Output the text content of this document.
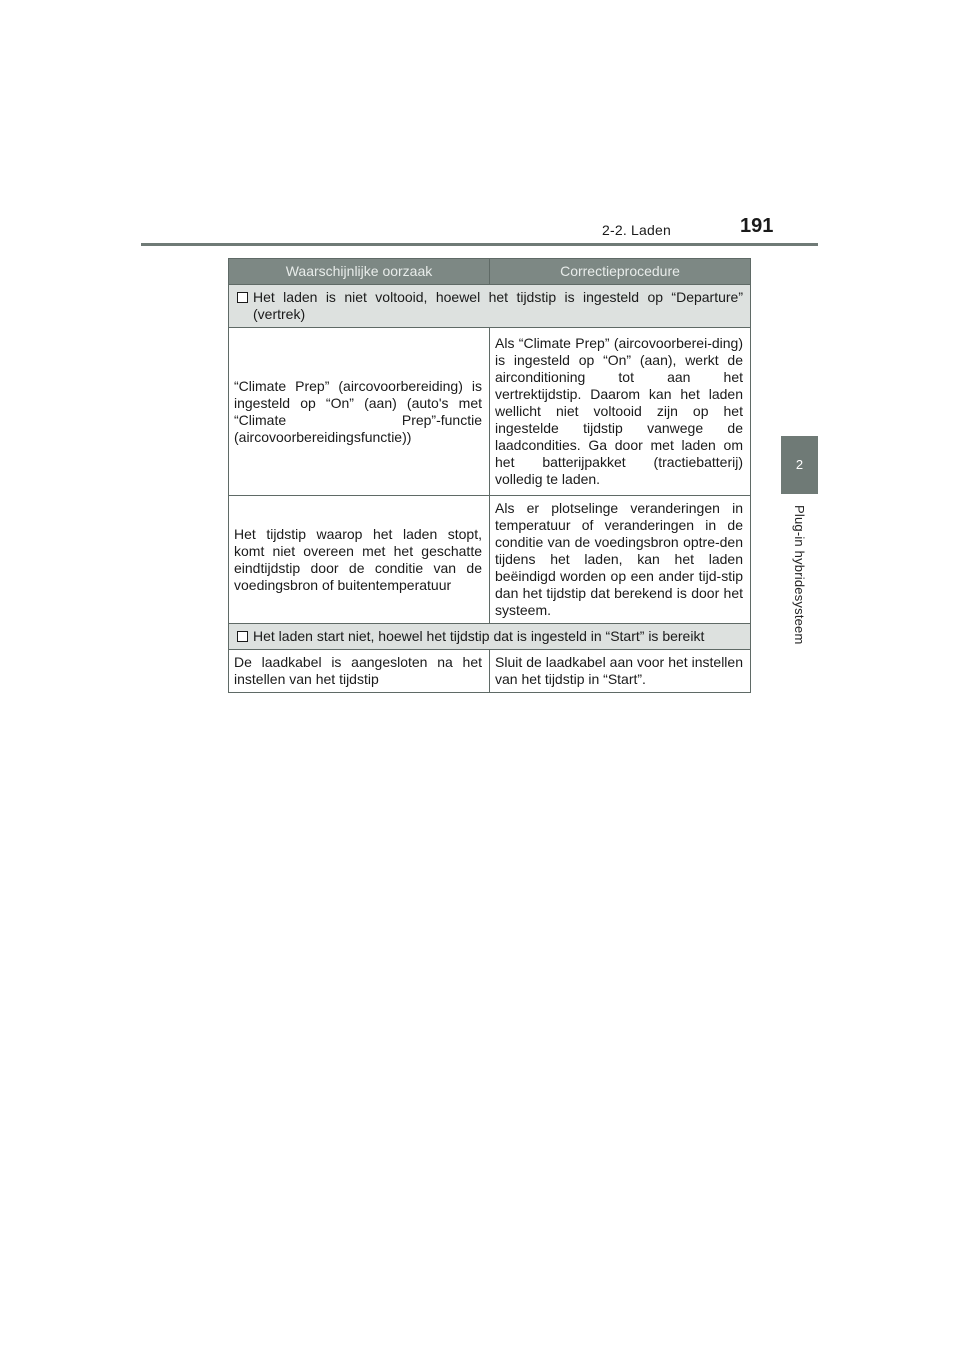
2-2. Laden	191
2
Plug-in hybridesysteem
Waarschijnlijke oorzaak	Correctieprocedure

Het laden is niet voltooid, hoewel het tijdstip is ingesteld op “Departure” (vertrek)	

“Climate Prep” (aircovoorbereiding) is ingesteld op “On” (aan) (auto's met “Climate Prep”-functie (aircovoorbereidingsfunctie))	Als “Climate Prep” (aircovoorberei-ding) is ingesteld op “On” (aan), werkt de airconditioning tot aan het vertrektijdstip. Daarom kan het laden wellicht niet voltooid zijn op het ingestelde tijdstip vanwege de laadcondities. Ga door met laden om het batterijpakket (tractiebatterij) volledig te laden.
Het tijdstip waarop het laden stopt, komt niet overeen met het geschatte eindtijdstip door de conditie van de voedingsbron of buitentemperatuur	Als er plotselinge veranderingen in temperatuur of veranderingen in de conditie van de voedingsbron optre-den tijdens het laden, kan het laden beëindigd worden op een ander tijd-stip dan het tijdstip dat berekend is door het systeem.

Het laden start niet, hoewel het tijdstip dat is ingesteld in “Start” is bereikt	

De laadkabel is aangesloten na het instellen van het tijdstip	Sluit de laadkabel aan voor het instellen van het tijdstip in “Start”.
